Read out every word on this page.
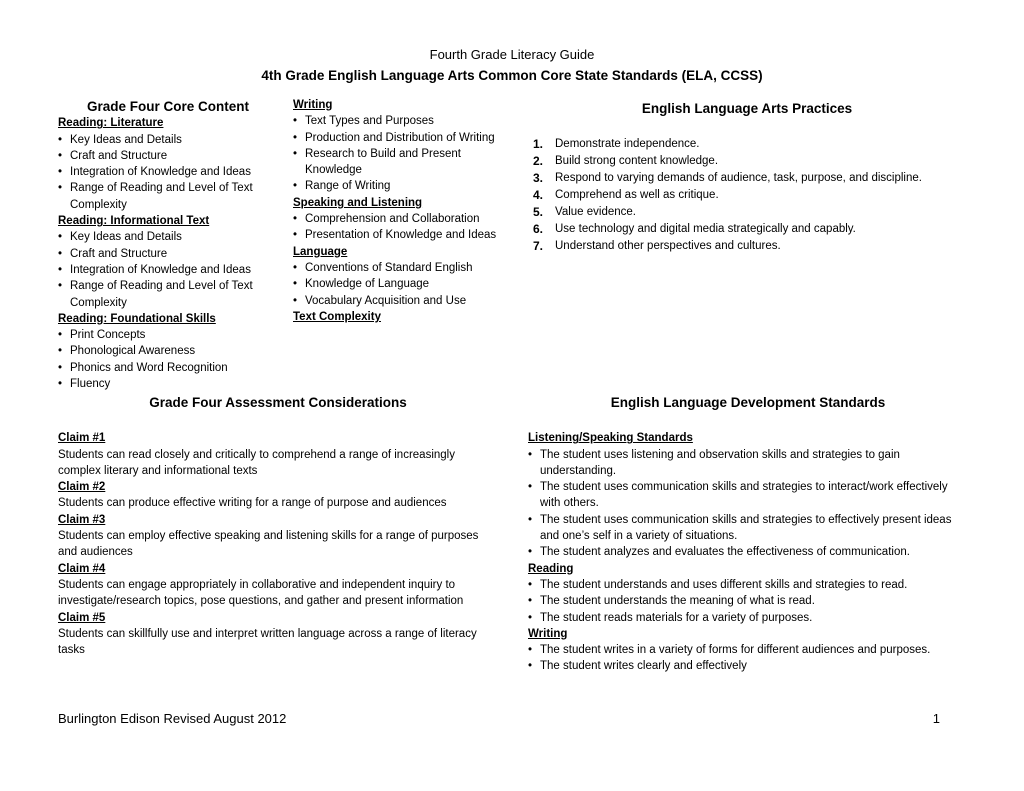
Fourth Grade Literacy Guide
4th Grade English Language Arts Common Core State Standards (ELA, CCSS)
Grade Four Core Content
Reading: Literature
• Key Ideas and Details
• Craft and Structure
• Integration of Knowledge and Ideas
• Range of Reading and Level of Text Complexity
Reading: Informational Text
• Key Ideas and Details
• Craft and Structure
• Integration of Knowledge and Ideas
• Range of Reading and Level of Text Complexity
Reading: Foundational Skills
• Print Concepts
• Phonological Awareness
• Phonics and Word Recognition
• Fluency
Writing
• Text Types and Purposes
• Production and Distribution of Writing
• Research to Build and Present Knowledge
• Range of Writing
Speaking and Listening
• Comprehension and Collaboration
• Presentation of Knowledge and Ideas
Language
• Conventions of Standard English
• Knowledge of Language
• Vocabulary Acquisition and Use
Text Complexity
English Language Arts Practices
1. Demonstrate independence.
2. Build strong content knowledge.
3. Respond to varying demands of audience, task, purpose, and discipline.
4. Comprehend as well as critique.
5. Value evidence.
6. Use technology and digital media strategically and capably.
7. Understand other perspectives and cultures.
Grade Four Assessment Considerations
Claim #1
Students can read closely and critically to comprehend a range of increasingly complex literary and informational texts
Claim #2
Students can produce effective writing for a range of purpose and audiences
Claim #3
Students can employ effective speaking and listening skills for a range of purposes and audiences
Claim #4
Students can engage appropriately in collaborative and independent inquiry to investigate/research topics, pose questions, and gather and present information
Claim #5
Students can skillfully use and interpret written language across a range of literacy tasks
English Language Development Standards
Listening/Speaking Standards
• The student uses listening and observation skills and strategies to gain understanding.
• The student uses communication skills and strategies to interact/work effectively with others.
• The student uses communication skills and strategies to effectively present ideas and one’s self in a variety of situations.
• The student analyzes and evaluates the effectiveness of communication.
Reading
• The student understands and uses different skills and strategies to read.
• The student understands the meaning of what is read.
• The student reads materials for a variety of purposes.
Writing
• The student writes in a variety of forms for different audiences and purposes.
• The student writes clearly and effectively
Burlington Edison Revised August 2012	1
